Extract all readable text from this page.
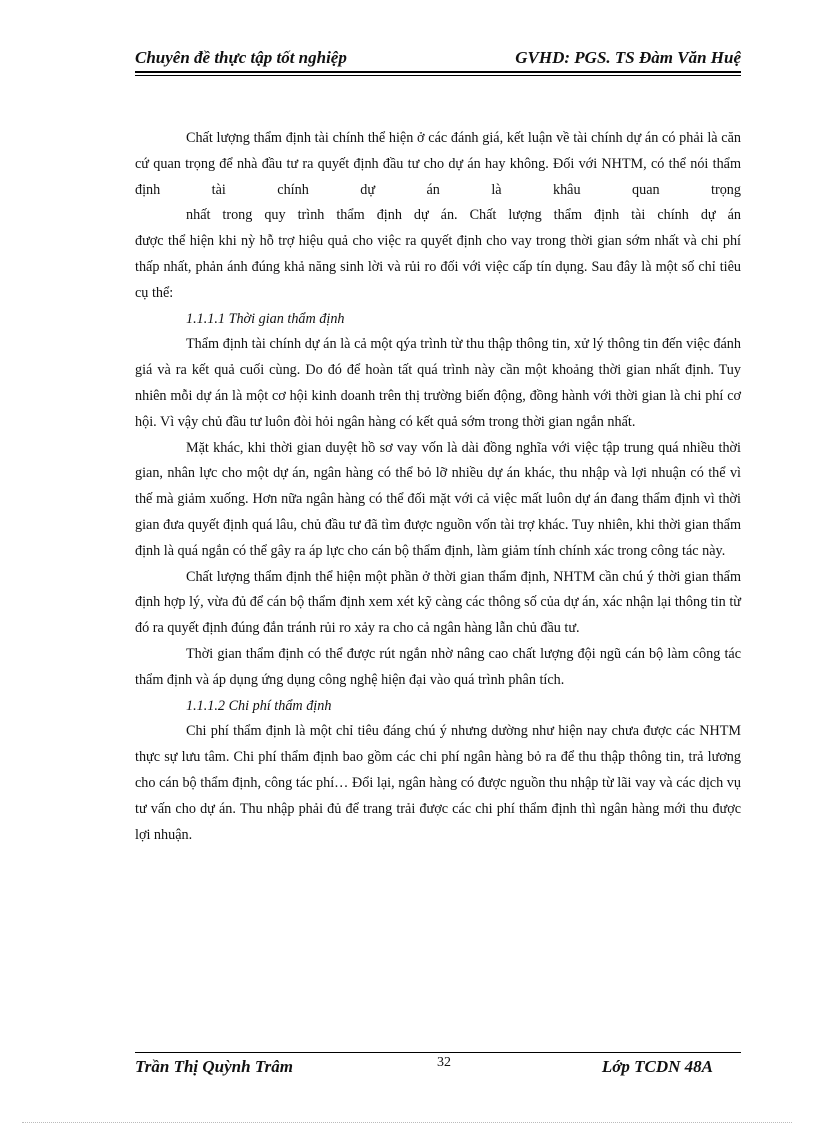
Chuyên đề thực tập tốt nghiệp	GVHD: PGS. TS Đàm Văn Huệ

Chất lượng thẩm định tài chính thể hiện ở các đánh giá, kết luận về tài chính dự án có phải là căn cứ quan trọng để nhà đầu tư ra quyết định đầu tư cho dự án hay không. Đối với NHTM, có thể nói thẩm định tài chính dự án là khâu quan trọng

nhất trong quy trình thẩm định dự án. Chất lượng thẩm định tài chính dự án

được thể hiện khi nỳ hỗ trợ hiệu quả cho việc ra quyết định cho vay trong thời gian sớm nhất và chi phí thấp nhất, phản ánh đúng khả năng sinh lời và rủi ro đối với việc cấp tín dụng. Sau đây là một số chỉ tiêu cụ thể:

1.1.1.1 Thời gian thẩm định

Thẩm định tài chính dự án là cả một qýa trình từ thu thập thông tin, xử lý thông tin đến việc đánh giá và ra kết quả cuối cùng. Do đó để hoàn tất quá trình này cần một khoảng thời gian nhất định. Tuy nhiên mỗi dự án là một cơ hội kinh doanh trên thị trường biến động, đồng hành với thời gian là chi phí cơ hội. Vì vậy chủ đầu tư luôn đòi hỏi ngân hàng có kết quả sớm trong thời gian ngắn nhất.

Mặt khác, khi thời gian duyệt hồ sơ vay vốn là dài đồng nghĩa với việc tập trung quá nhiều thời gian, nhân lực cho một dự án, ngân hàng có thể bỏ lỡ nhiều dự án khác, thu nhập và lợi nhuận có thể vì thế mà giảm xuống. Hơn nữa ngân hàng có thể đối mặt với cả việc mất luôn dự án đang thẩm định vì thời gian đưa quyết định quá lâu, chủ đầu tư đã tìm được nguồn vốn tài trợ khác. Tuy nhiên, khi thời gian thẩm định là quá ngắn có thể gây ra áp lực cho cán bộ thẩm định, làm giảm tính chính xác trong công tác này.

Chất lượng thẩm định thể hiện một phần ở thời gian thẩm định, NHTM cần chú ý thời gian thẩm định hợp lý, vừa đủ để cán bộ thẩm định xem xét kỹ càng các thông số của dự án, xác nhận lại thông tin từ đó ra quyết định đúng đắn tránh rủi ro xảy ra cho cả ngân hàng lẫn chủ đầu tư.

Thời gian thẩm định có thể được rút ngắn nhờ nâng cao chất lượng đội ngũ cán bộ làm công tác thẩm định và áp dụng ứng dụng công nghệ hiện đại vào quá trình phân tích.

1.1.1.2 Chi phí thẩm định

Chi phí thẩm định là một chỉ tiêu đáng chú ý nhưng dường như hiện nay chưa được các NHTM thực sự lưu tâm. Chi phí thẩm định bao gồm các chi phí ngân hàng bỏ ra để thu thập thông tin, trả lương cho cán bộ thẩm định, công tác phí… Đổi lại, ngân hàng có được nguồn thu nhập từ lãi vay và các dịch vụ tư vấn cho dự án. Thu nhập phải đủ để trang trải được các chi phí thẩm định thì ngân hàng mới thu được lợi nhuận.

Trần Thị Quỳnh Trâm	32	Lớp TCDN 48A
